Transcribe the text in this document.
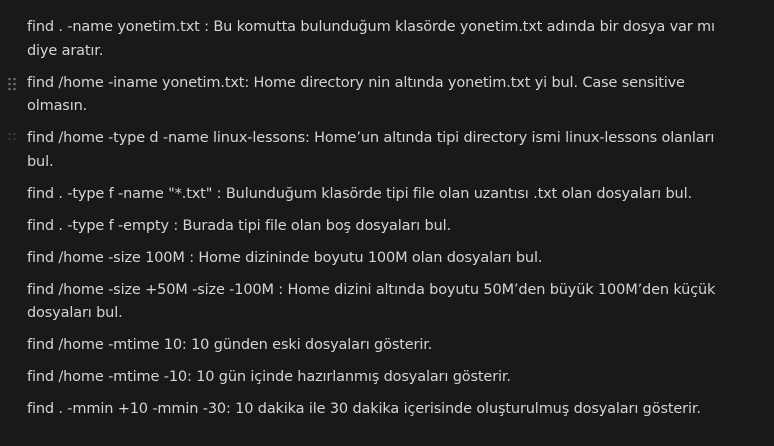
find . -name yonetim.txt : Bu komutta bulunduğum klasörde yonetim.txt adında bir dosya var mı diye aratır.
find /home -iname yonetim.txt: Home directory nin altında yonetim.txt yi bul. Case sensitive olmasın.
find /home -type d -name linux-lessons: Home’un altında tipi directory ismi linux-lessons olanları bul.
find . -type f -name "*.txt" : Bulunduğum klasörde tipi file olan uzantısı .txt olan dosyaları bul.
find . -type f -empty : Burada tipi file olan boş dosyaları bul.
find /home -size 100M : Home dizininde boyutu 100M olan dosyaları bul.
find /home -size +50M -size -100M : Home dizini altında boyutu 50M’den büyük 100M’den küçük dosyaları bul.
find /home -mtime 10: 10 günden eski dosyaları gösterir.
find /home -mtime -10: 10 gün içinde hazırlanmış dosyaları gösterir.
find . -mmin +10 -mmin -30: 10 dakika ile 30 dakika içerisinde oluşturulmuş dosyaları gösterir.
